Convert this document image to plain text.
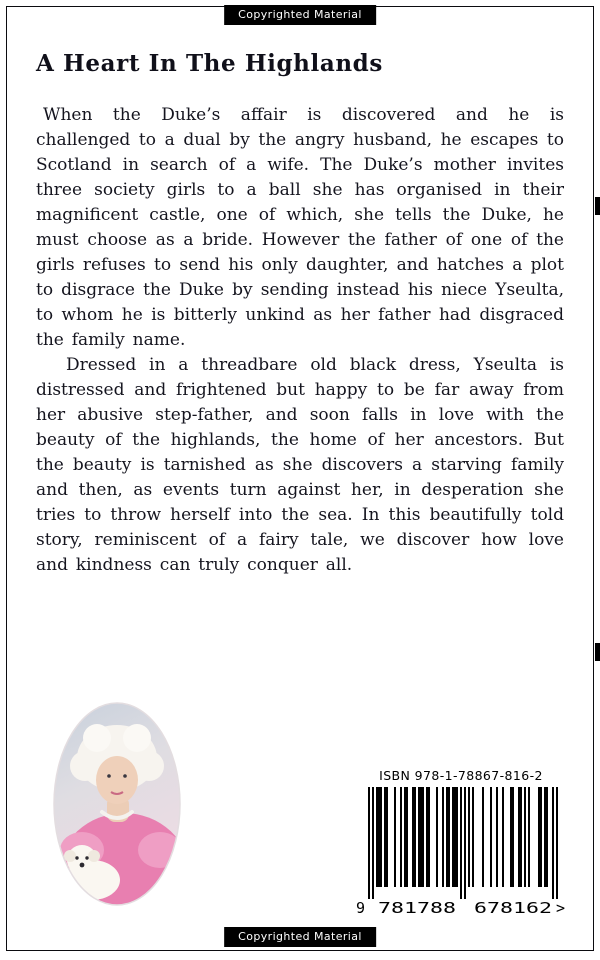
Copyrighted Material
A Heart In The Highlands

When the Duke’s affair is discovered and he is challenged to a dual by the angry husband, he escapes to Scotland in search of a wife. The Duke’s mother invites three society girls to a ball she has organised in their magnificent castle, one of which, she tells the Duke, he must choose as a bride. However the father of one of the girls refuses to send his only daughter, and hatches a plot to disgrace the Duke by sending instead his niece Yseulta, to whom he is bitterly unkind as her father had disgraced the family name.

Dressed in a threadbare old black dress, Yseulta is distressed and frightened but happy to be far away from her abusive step-father, and soon falls in love with the beauty of the highlands, the home of her ancestors. But the beauty is tarnished as she discovers a starving family and then, as events turn against her, in desperation she tries to throw herself into the sea. In this beautifully told story, reminiscent of a fairy tale, we discover how love and kindness can truly conquer all.

ISBN 978-1-78867-816-2
9 781788 678162 >
Copyrighted Material
